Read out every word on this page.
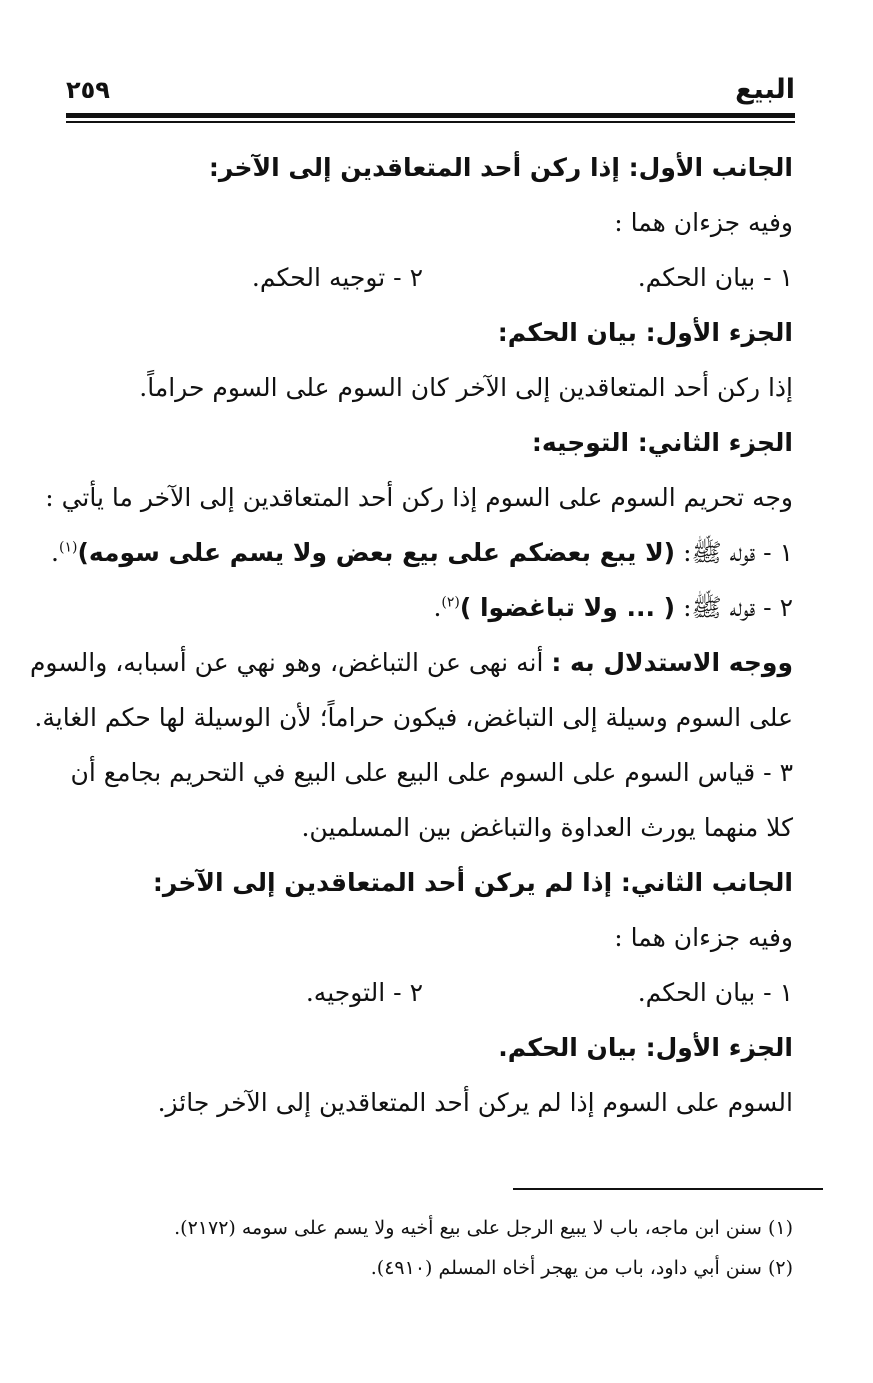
البيع
٢٥٩
الجانب الأول: إذا ركن أحد المتعاقدين إلى الآخر:
وفيه جزءان هما :
١ - بيان الحكم.
٢ - توجيه الحكم.
الجزء الأول: بيان الحكم:
إذا ركن أحد المتعاقدين إلى الآخر كان السوم على السوم حراماً.
الجزء الثاني: التوجيه:
وجه تحريم السوم على السوم إذا ركن أحد المتعاقدين إلى الآخر ما يأتي :
١ - قوله ﷺ: (لا يبع بعضكم على بيع بعض ولا يسم على سومه)$^{(١)}$.
٢ - قوله ﷺ: ( ... ولا تباغضوا )$^{(٢)}$.
ووجه الاستدلال به : أنه نهى عن التباغض، وهو نهي عن أسبابه، والسوم
على السوم وسيلة إلى التباغض، فيكون حراماً؛ لأن الوسيلة لها حكم الغاية.
٣ - قياس السوم على السوم على البيع على البيع في التحريم بجامع أن
كلا منهما يورث العداوة والتباغض بين المسلمين.
الجانب الثاني: إذا لم يركن أحد المتعاقدين إلى الآخر:
وفيه جزءان هما :
١ - بيان الحكم.
٢ - التوجيه.
الجزء الأول: بيان الحكم.
السوم على السوم إذا لم يركن أحد المتعاقدين إلى الآخر جائز.
(١) سنن ابن ماجه، باب لا يبيع الرجل على بيع أخيه ولا يسم على سومه (٢١٧٢).
(٢) سنن أبي داود، باب من يهجر أخاه المسلم (٤٩١٠).
